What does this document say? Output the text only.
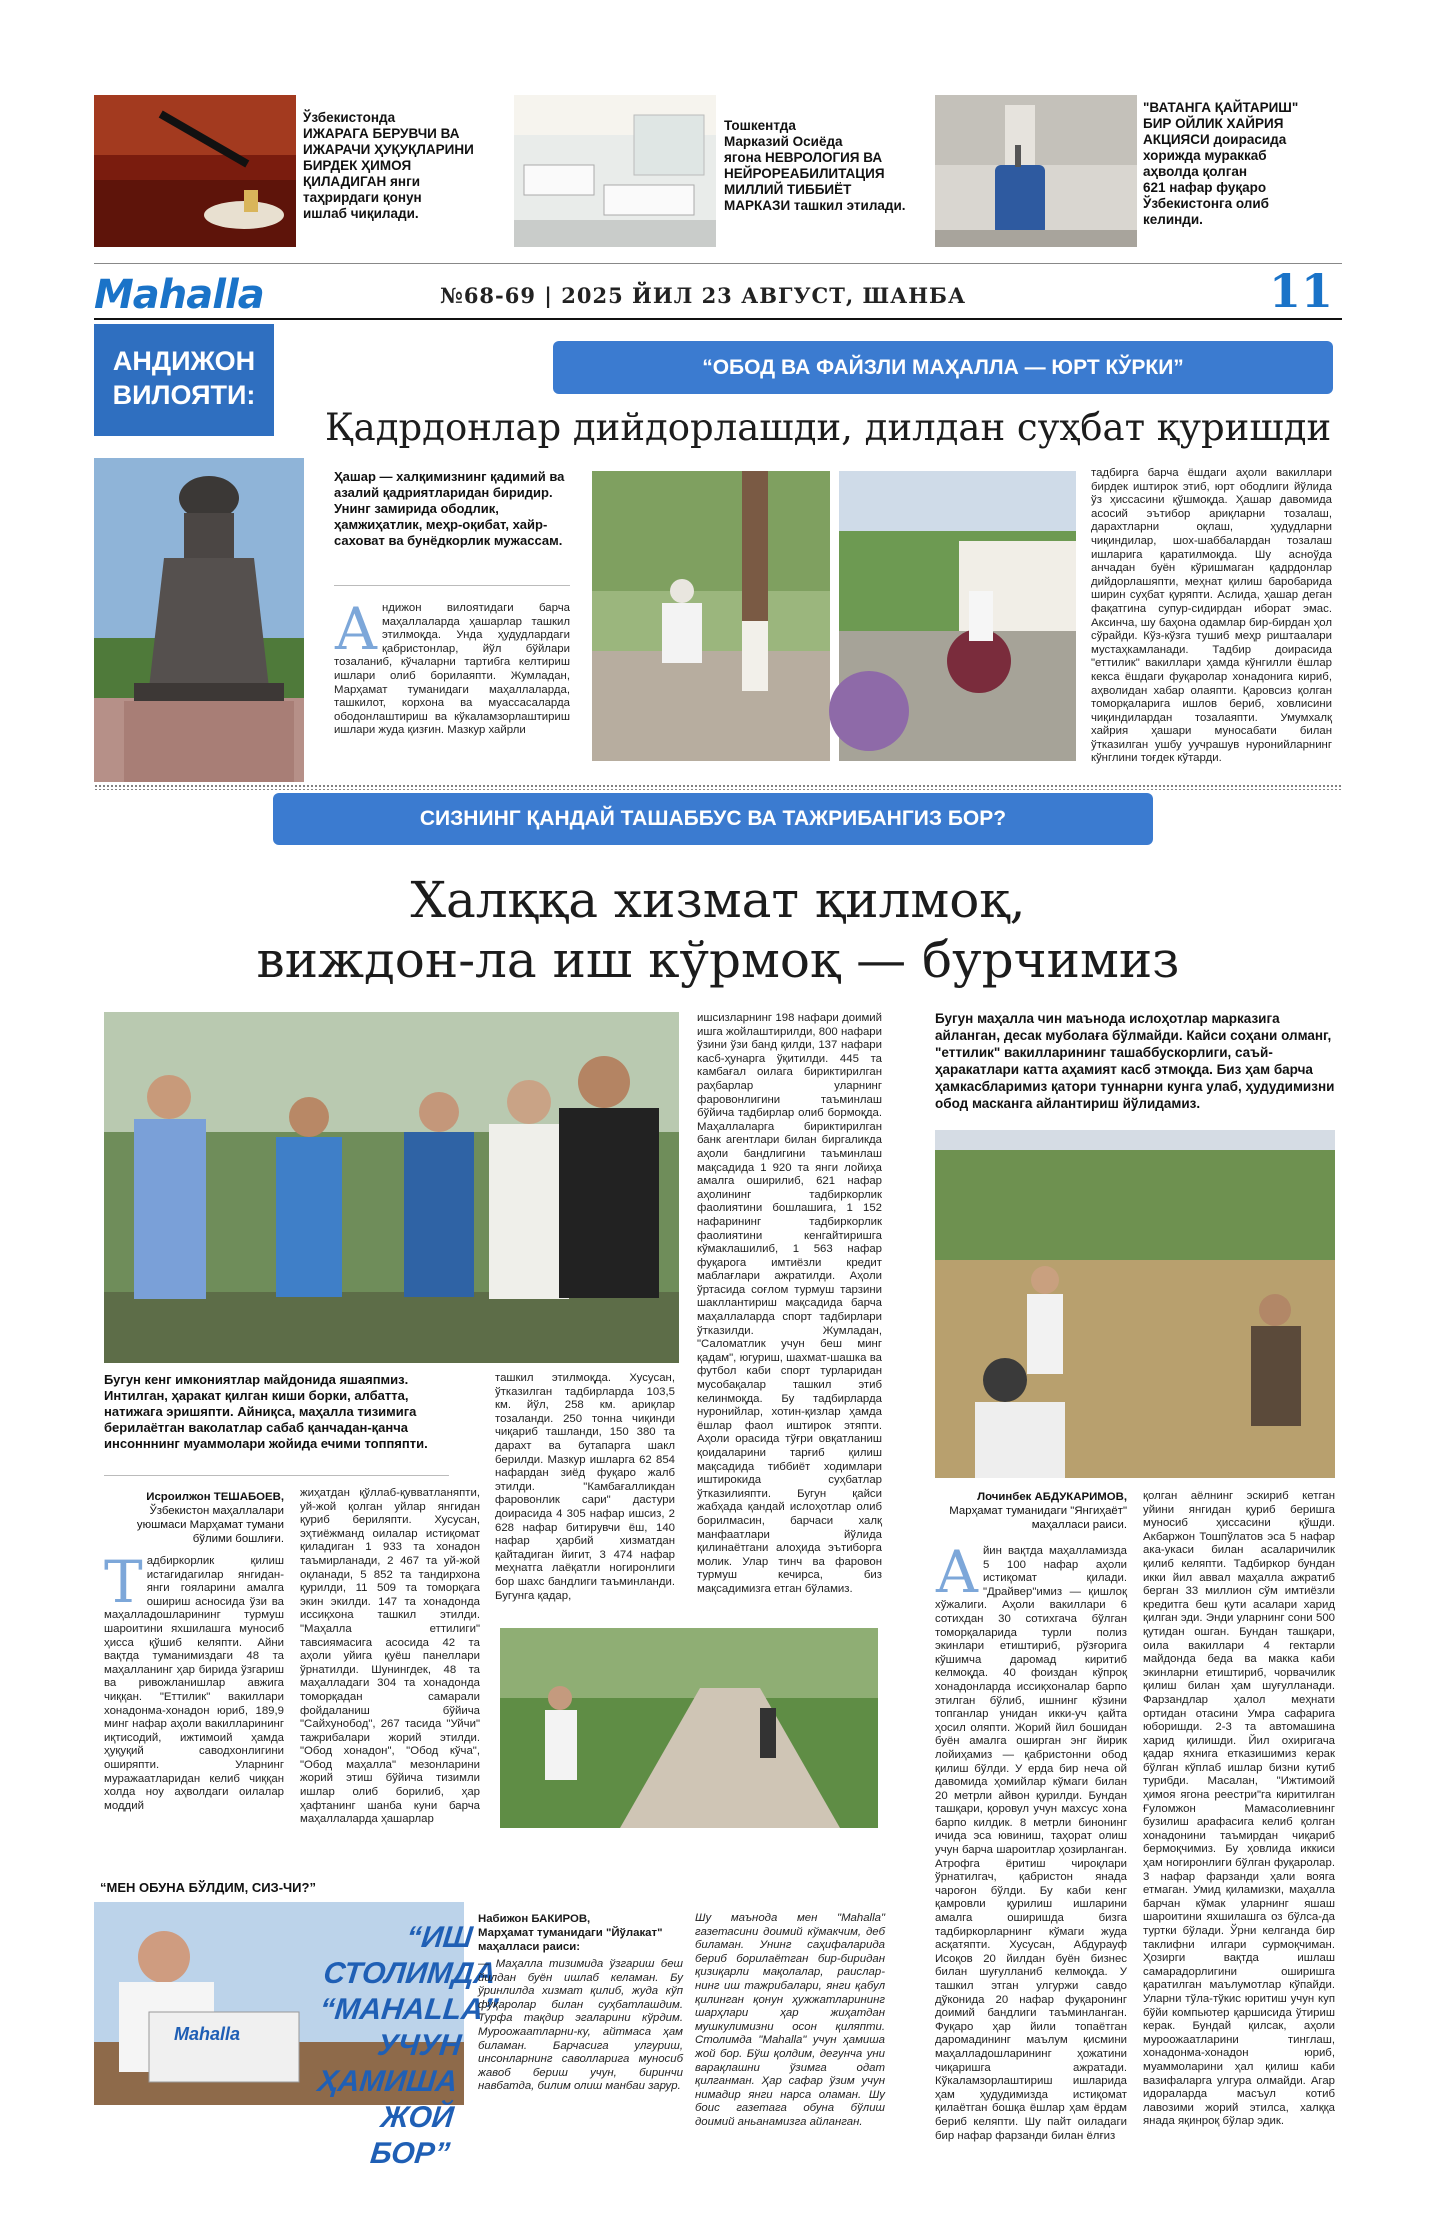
Ўзбекистонда
ИЖАРАГА БЕРУВЧИ ВА
ИЖАРАЧИ ҲУҚУҚЛАРИНИ
БИРДЕК ҲИМОЯ
ҚИЛАДИГАН янги
таҳрирдаги қонун
ишлаб чиқилади.
Тошкентда
Марказий Осиёда
ягона НЕВРОЛОГИЯ ВА
НЕЙРОРЕАБИЛИТАЦИЯ
МИЛЛИЙ ТИББИЁТ
МАРКАЗИ ташкил этилади.
"ВАТАНГА ҚАЙТАРИШ"
БИР ОЙЛИК ХАЙРИЯ
АКЦИЯСИ доирасида
хорижда мураккаб
аҳволда қолган
621 нафар фуқаро
Ўзбекистонга олиб
келинди.
Mahalla	№68-69 | 2025 ЙИЛ 23 АВГУСТ, ШАНБА	11
АНДИЖОН
ВИЛОЯТИ:
“ОБОД ВА ФАЙЗЛИ МАҲАЛЛА — ЮРТ КЎРКИ”
Қадрдонлар дийдорлашди, дилдан суҳбат қуришди
Ҳашар — халқимизнинг қадимий ва азалий қадриятларидан биридир. Унинг замирида ободлик, ҳамжиҳатлик, меҳр-оқибат, хайр-саховат ва бунёдкорлик мужассам.
Андижон вилоятидаги барча маҳаллаларда ҳашарлар ташкил этилмоқда. Унда ҳудудлардаги қабристонлар, йўл бўйлари тозаланиб, кўчаларни тартибга келтириш ишлари олиб борилаяпти. Жумладан, Марҳамат туманидаги маҳаллаларда, ташкилот, корхона ва муассасаларда ободонлаштириш ва кўкаламзорлаштириш ишлари жуда қизғин. Мазкур хайрли
тадбирга барча ёшдаги аҳоли вакиллари бирдек иштирок этиб, юрт ободлиги йўлида ўз ҳиссасини қўшмоқда. Ҳашар давомида асосий эътибор ариқларни тозалаш, дарахтларни оқлаш, ҳудудларни чиқиндилар, шох-шаббалардан тозалаш ишларига қаратилмоқда. Шу асноўда анчадан буён кўришмаган қадрдонлар дийдорлашяпти, меҳнат қилиш баробарида ширин суҳбат қуряпти. Аслида, ҳашар деган фақатгина супур-сидирдан иборат эмас. Аксинча, шу баҳона одамлар бир-бирдан ҳол сўрайди. Кўз-кўзга тушиб меҳр риштаалари мустаҳкамланади. Тадбир доирасида "еттилик" вакиллари ҳамда кўнгилли ёшлар кекса ёшдаги фуқаролар хонадонига кириб, аҳволидан хабар олаяпти. Қаровсиз қолган томорқаларига ишлов бериб, ховлисини чиқиндилардан тозалаяпти. Умумхалқ хайрия ҳашари муносабати билан ўтказилган ушбу уучрашув нуронийларнинг кўнглини тоғдек кўтарди.
СИЗНИНГ ҚАНДАЙ ТАШАББУС ВА ТАЖРИБАНГИЗ БОР?
Халққа хизмат қилмоқ,
виждон-ла иш кўрмоқ — бурчимиз
Бугун кенг имкониятлар майдонида яшаяпмиз. Интилган, ҳаракат қилган киши борки, албатта, натижага эришяпти. Айниқса, маҳалла тизимига берилаётган ваколатлар сабаб қанчадан-қанча инсонннинг муаммолари жойида ечими топпяпти.
Исроилжон ТЕШАБОЕВ,
Ўзбекистон маҳаллалари уюшмаси Марҳамат тумани бўлими бошлиғи.
Тадбиркорлик қилиш истагидагилар янгидан-янги гояларини амалга ошириш асносида ўзи ва маҳалладошларининг турмуш шароитини яхшилашга муносиб ҳисса қўшиб келяпти. Айни вақтда туманимиздаги 48 та маҳалланинг ҳар бирида ўзгариш ва ривожланишлар авжига чиққан. "Еттилик" вакиллари хонадонма-хонадон юриб, 189,9 минг нафар аҳоли вакилларининг иқтисодий, ижтимоий ҳамда ҳуқуқий саводхонлигини оширяпти. Уларнинг муражаатларидан келиб чиққан холда ноу аҳволдаги оилалар моддий
жиҳатдан қўллаб-қувватланяпти, уй-жой қолган уйлар янгидан қуриб бериляпти. Хусусан, эҳтиёжманд оилалар истиқомат қиладиган 1 933 та хонадон таъмирланади, 2 467 та уй-жой оқланади, 5 852 та тандирхона қурилди, 11 509 та томорқага экин экилди. 147 та хонадонда иссиқхона ташкил этилди. "Маҳалла еттилиги" тавсиямасига асосида 42 та аҳоли уйига қуёш панеллари ўрнатилди. Шунингдек, 48 та маҳалладаги 304 та хонадонда томорқадан самарали фойдаланиш бўйича "Сайхунобод", 267 тасида "Уйчи" тажрибалари жорий этилди. "Обод хонадон", "Обод кўча", "Обод маҳалла" мезонларини жорий этиш бўйича тизимли ишлар олиб борилиб, ҳар ҳафтанинг шанба куни барча маҳаллаларда ҳашарлар
ташкил этилмоқда. Хусусан, ўтказилган тадбирларда 103,5 км. йўл, 258 км. ариқлар тозаланди. 250 тонна чиқинди чиқариб ташланди, 150 380 та дарахт ва бутапарга шакл берилди. Мазкур ишларга 62 854 нафардан зиёд фуқаро жалб этилди. "Камбағалликдан фаровонлик сари" дастури доирасида 4 305 нафар ишсиз, 2 628 нафар битирувчи ёш, 140 нафар ҳарбий хизматдан қайтадиган йигит, 3 474 нафар меҳнатга лаёқатли ногиронлиги бор шахс бандлиги таъминланди. Бугунга қадар,
ишсизларнинг 198 нафари доимий ишга жойлаштирилди, 800 нафари ўзини ўзи банд қилди, 137 нафари касб-ҳунарга ўқитилди. 445 та камбағал оилага бириктирилган раҳбарлар уларнинг фаровонлигини таъминлаш бўйича тадбирлар олиб бормоқда. Маҳаллаларга бириктирилган банк агентлари билан биргаликда аҳоли бандлигини таъминлаш мақсадида 1 920 та янги лойиҳа амалга оширилиб, 621 нафар аҳолининг тадбиркорлик фаолиятини бошлашига, 1 152 нафарининг тадбиркорлик фаолиятини кенгайтиришга кўмаклашилиб, 1 563 нафар фуқарога имтиёзли кредит маблағлари ажратилди. Аҳоли ўртасида соғлом турмуш тарзини шакллантириш мақсадида барча маҳаллаларда спорт тадбирлари ўтказилди. Жумладан, "Саломатлик учун беш минг қадам", югуриш, шахмат-шашка ва футбол каби спорт турларидан мусобақалар ташкил этиб келинмоқда. Бу тадбирларда нуронийлар, хотин-қизлар ҳамда ёшлар фаол иштирок этяпти. Аҳоли орасида тўғри овқатланиш қоидаларини тарғиб қилиш мақсадида тиббиёт ходимлари иштирокида суҳбатлар ўтказилияпти. Бугун қайси жабҳада қандай ислоҳотлар олиб борилмасин, барчаси халқ манфаатлари йўлида қилинаётгани алоҳида эътиборга молик. Улар тинч ва фаровон турмуш кечирса, биз мақсадимизга етган бўламиз.
Бугун маҳалла чин маънода ислоҳотлар марказига айланган, десак муболаға бўлмайди. Кайси соҳани олманг, "еттилик" вакилларининг ташаббускорлиги, саъй-ҳаракатлари катта аҳамият касб этмоқда. Биз ҳам барча ҳамкасбларимиз қатори туннарни кунга улаб, ҳудудимизни обод масканга айлантириш йўлидамиз.
Лочинбек АБДУКАРИМОВ,
Марҳамат туманидаги "Янгиҳаёт" маҳалласи раиси.
Айин вақтда маҳалламизда 5 100 нафар аҳоли истиқомат қилади. "Драйвер"имиз — қишлоқ хўжалиги. Аҳоли вакиллари 6 сотихдан 30 сотихгача бўлган томорқаларида турли полиз экинлари етиштириб, рўзғорига кўшимча даромад киритиб келмоқда. 40 фоиздан кўпроқ хонадонларда иссиқхоналар барпо этилган бўлиб, ишнинг кўзини топганлар унидан икки-уч қайта ҳосил оляпти. Жорий йил бошидан буён амалга оширган энг йирик лойиҳамиз — қабристонни обод қилиш бўлди. У ерда бир неча ой давомида ҳомийлар кўмаги билан 20 метрли айвон қурилди. Бундан ташқари, қоровул учун махсус хона барпо килдик. 8 метрли бинонинг ичида эса ювиниш, таҳорат олиш учун барча шароитлар ҳозирланган. Атрофга ёритиш чироқлари ўрнатилгач, қабристон янада чароғон бўлди. Бу каби кенг қамровли қурилиш ишларини амалга оширишда бизга тадбиркорларнинг кўмаги жуда асқатяпти. Хусусан, Абдурауф Исоқов 20 йилдан буён бизнес билан шуғулланиб келмоқда. У ташкил этган улгуржи савдо дўконида 20 нафар фуқаронинг доимий бандлиги таъминланган. Фуқаро ҳар йили топаётган даромадининг маълум қисмини маҳалладошларининг ҳожатини чиқаришга ажратади. Кўкаламзорлаштириш ишларида ҳам ҳудудимизда истиқомат қилаётган бошқа ёшлар ҳам ёрдам бериб келяпти. Шу пайт оиладаги бир нафар фарзанди билан ёлғиз
қолган аёлнинг эскириб кетган уйини янгидан қуриб беришга муносиб ҳиссасини қўшди. Акбаржон Тошпўлатов эса 5 нафар ака-укаси билан асаларичилик қилиб келяпти. Тадбиркор бундан икки йил аввал маҳалла ажратиб берган 33 миллион сўм имтиёзли кредитга беш қути асалари харид қилган эди. Энди уларнинг сони 500 қутидан ошган. Бундан ташқари, оила вакиллари 4 гектарли майдонда беда ва макка каби экинларни етиштириб, чорвачилик қилиш билан ҳам шуғулланади. Фарзандлар ҳалол меҳнати ортидан отасини Умра сафарига юборишди. 2-3 та автомашина харид қилишди. Йил охиригача қадар яхнига етказишимиз керак бўлган кўплаб ишлар бизни кутиб турибди. Масалан, "Ижтимоий ҳимоя ягона реестри"га киритилган Ғуломжон Мамасолиевнинг бузилиш арафасига келиб қолган хонадонини таъмирдан чиқариб бермоқчимиз. Бу ҳовлида иккиси ҳам ногиронлиги бўлган фуқаролар. 3 нафар фарзанди ҳали вояга етмаган. Умид қиламизки, маҳалла барчан кўмак уларнинг яшаш шароитини яхшилашга оз бўлса-да туртки бўлади. Ўрни келганда бир таклифни илгари сурмоқчиман. Ҳозирги вақтда ишлаш самарадорлигини оширишга қаратилган маълумотлар кўпайди. Уларни тўла-тўкис юритиш учун куп бўйи компьютер қаршисида ўтириш керак. Бундай қилсак, аҳоли муроожаатларини тинглаш, хонадонма-хонадон юриб, муаммоларини ҳал қилиш каби вазифаларга улгура олмайди. Агар идораларда масъул котиб лавозими жорий этилса, халққа янада яқинроқ бўлар эдик.
“МЕН ОБУНА БЎЛДИМ, СИЗ-ЧИ?”
Mahalla
“ИШ
СТОЛИМДА
“MAHALLA”
УЧУН ҲАМИША
ЖОЙ БОР”
Набижон БАКИРОВ,
Марҳамат туманидаги "Йўлакат" маҳалласи раиси:
— Маҳалла тизимида ўзгариш беш йилдан буён ишлаб келаман. Бу ўринлилда хизмат қилиб, жуда кўп фуқаролар билан суҳбатлашдим. Турфа тақдир эгаларини кўрдим. Муроожаатларни-ку, айтмаса ҳам биламан. Барчасига улгуриш, инсонларнинг саволларига муносиб жавоб бериш учун, биринчи навбатда, билим олиш манбаи зарур.
Шу маънода мен "Mahalla" газетасини доимий кўмакчим, деб биламан. Унинг саҳифаларида бериб борилаётган бир-биридан қизиқарли мақолалар, раислар-нинг иш тажрибалари, янги қабул қилинган қонун ҳужжатларининг шарҳлари ҳар жиҳатдан мушкулимизни осон қиляпти. Столимда "Mahalla" учун ҳамиша жой бор. Бўш қолдим, дегунча уни варақлашни ўзимга одат қилганман. Ҳар сафар ўзим учун нимадир янги нарса оламан. Шу боис газетага обуна бўлиш доимий аньанамизга айланган.
